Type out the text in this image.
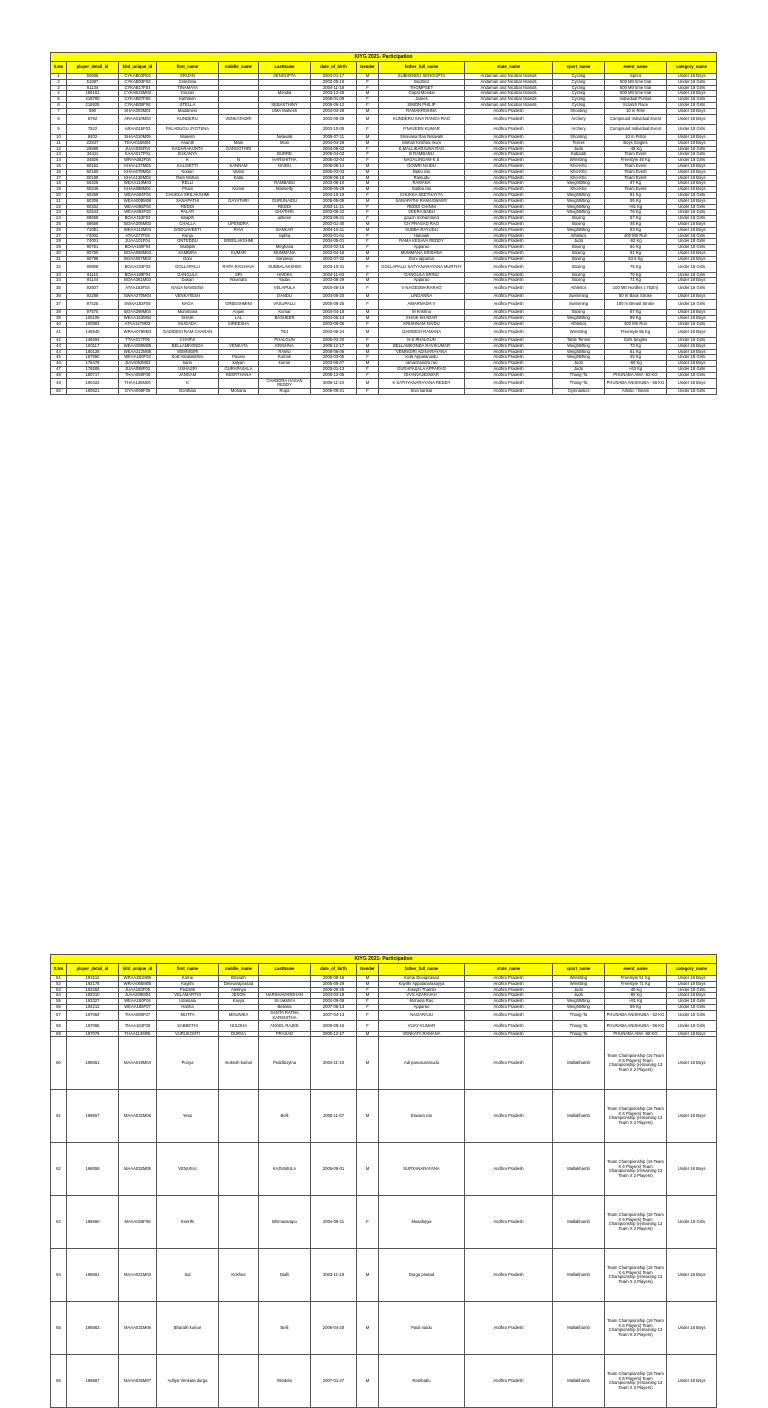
KIYG 2021- Participation												
S.No	player_detail_id	kitd_unique_id	first_name	middle_name	LastName	date_of_birth	Gender	father_full_name	state_name	sport_name	event_name	category_name
1	50685	CYKAB03R04	SRIJAN		SENGUPTA	2004-01-17	M	SUBHENDU SENGUPTA	Andaman and Nicobar Islands	Cycling	Sprint	Under 18 Boys
2	51087	CYKAB03F03	Celestina			2003-05-10	F	Bedford	Andaman and Nicobar Islands	Cycling	500 Mtr time trial	Under 18 Girls
3	51134	CYKAB17F04	TINAMAYA			2004-11-18	F	THOMPSET	Andaman and Nicobar Islands	Cycling	500 Mtr time trial	Under 18 Girls
4	186161	CYKAB15M03	Gourav		Mondal	2003-12-26	M	Gopal Mondal	Andaman and Nicobar Islands	Cycling	500 Mtr time trial	Under 18 Boys
5	218780	CYKAB07F06	Kathleen			2006-01-09	F	James	Andaman and Nicobar Islands	Cycling	Individual Pursuit	Under 18 Girls
6	218925	CYKAB08F06	STELLA		SEBASTHINY	2006-06-12	F	SIMON PHILIP	Andaman and Nicobar Islands	Cycling	Scratch Race	Under 18 Girls
7	590	SHAA003M01	Maddineni		UMA Mahesh	2004-04-28	M	RAMAKRISHNA	Andhra Pradesh	Shooting	10 m Rifle	Under 18 Boys
8	6792	ARAA010M03	KUNDERU	VENKATADRI		2003-09-28	M	KUNDERU SIVA RANGA RAO	Andhra Pradesh	Archery	Compound Individual Event	Under 18 Boys
9	7522	ARAA015F03	PALADUGU JYOTSNA			2003-10-05	F	P.NAVEEN KUMAR	Andhra Pradesh	Archery	Compound Individual Event	Under 18 Girls
10	8402	SHAA010M05	Mukesh		Nelavalli	2005-07-11	M	Srinivasa Rao Nelavalli	Andhra Pradesh	Shooting	10 m Pistol	Under 18 Boys
11	22637	TEAA015M04	Ananth	Mani	Muni	2004-04-28	M	Mohan Krishna muni	Andhra Pradesh	Tennis	Boys Singles	Under 18 Boys
12	26998	JUAA025F04	KADARAKUNTA	GANGOTHRI		2004-08-02	F	K.MALLIKARJUNA RAO	Andhra Pradesh	Judo	-48 Kg	Under 18 Girls
13	34411	KAAA017F01	SUKANYA		BURRE	2006-04-03	F	B RAMBABU	Andhra Pradesh	Kabaddi	Team Event	Under 18 Girls
14	34826	WRAA062F04	K	N	HARSHITHA	2006-02-04	F	NAGALINGAM K.S	Andhra Pradesh	Wrestling	Freestyle 46 Kg	Under 18 Girls
15	60162	KHAA137M03	KALISETTI	KANNAM	NAIDU	2006-06-12	M	GOWRI NAIDU	Andhra Pradesh	Kho-Kho	Team Event	Under 18 Boys
16	60180	KHAA078M04	Koduri	Vamsi		2006-03-03	M	Babu rao	Andhra Pradesh	Kho-Kho	Team Event	Under 18 Boys
17	60189	KHAA138M03	Ram Mohan	Katta		2006-06-18	M	Ramudu	Andhra Pradesh	Kho-Kho	Team Event	Under 18 Boys
18	60225	WEAA110M03	RELLI		RAMBABU	2003-06-10	M	RAMANA	Andhra Pradesh	Weightlifting	67 Kg	Under 18 Boys
19	60246	KHAA088M04	Phani	Kumar	Marisetty	2006-05-28	M	Subba rao	Andhra Pradesh	Kho-Kho	Team Event	Under 18 Boys
20	60269	WEAA064F04	CHUKKA SRILAKSHMI			2004-10-19	F	CHUKKA SEETHAYYA	Andhra Pradesh	Weightlifting	81 Kg	Under 18 Girls
21	60306	WEAA008M06	SANAPATHI	GAYATHRI	GURUNAIDU	2006-05-09	M	SANAPATHI RAMASWAMY	Andhra Pradesh	Weightlifting	55 Kg	Under 18 Boys
22	60332	WEAA085F03	REDDI		REDDI	2003-11-21	F	REDDI CHINNI	Andhra Pradesh	Weightlifting	+81 Kg	Under 18 Girls
23	62543	WEAA084F03	PALATI		DHATHRI	2003-06-22	F	VEERA BABU	Andhra Pradesh	Weightlifting	76 Kg	Under 18 Girls
24	68658	BOAA153F03	kiliapth		asheen	2003-06-21	F	gouch mohammed	Andhra Pradesh	Boxing	57 Kg	Under 18 Girls
25	68668	BOAA205M03	CHALLA	UPENDRA		2003-01-30	M	CH PRASAD RAO	Andhra Pradesh	Boxing	48 Kg	Under 18 Boys
26	71081	WEAA112M04	GODUAVEETI	RAVI	SANKAR	2004-10-11	M	SUBBA RAYUDU	Andhra Pradesh	Weightlifting	83 Kg	Under 18 Boys
27	72002	ATAA277F03	Kunja		rajitha	2003-01-01	F	Hanaiah	Andhra Pradesh	Athletics	400 Mtr Run	Under 18 Girls
28	74001	JUAA101F04	ONTEDDU	SREELAKSHMI		2004-05-01	F	RAMA KESAVA REDDY	Andhra Pradesh	Judo	-52 Kg	Under 18 Girls
29	90761	BOAA180F04	Mullipilli		Meghana	2004-02-15	F	Apparao	Andhra Pradesh	Boxing	54 Kg	Under 18 Girls
30	90780	BOAA058M03	SAMBIRA	KUMAR	MUMMANA	2003-04-18	M	MUMMANA KRISHNA	Andhra Pradesh	Boxing	51 Kg	Under 18 Boys
31	90798	BOAA057M03	Doni		Sandeep	2003-07-22	M	Doni apparao	Andhra Pradesh	Boxing	63.5 Kg	Under 18 Boys
32	90808	BOAA233F03	GOLLAPALLI	RAPA RAGHAVA	SUBBALAKSHMI	2003-10-31	F	GOLLAPALLI SATYANARAYANA MURTHY	Andhra Pradesh	Boxing	75 Kg	Under 18 Girls
33	91110	BOAA189F04	GANGULA	SRI	HARIKA	2004-11-03	F	GANGULA SRINU	Andhra Pradesh	Boxing	70 Kg	Under 18 Girls
34	91144	BOAA361M03	Dasari	Ravindra	Yadav	2003-06-29	M	Apparao	Andhra Pradesh	Boxing	71 Kg	Under 18 Boys
35	92607	ATAA163F04	NAGA NAVEENA		VELAPULA	2004-08-19	F	V NAGESWARARAO	Andhra Pradesh	Athletics	100 Mtr Hurdles (.762m)	Under 18 Girls
36	92289	SWAA270M04	VENKATESH		DANDU	2004-06-20	M	LINGANNA	Andhra Pradesh	Swimming	50 m Back Stroke	Under 18 Boys
37	97425	SWAA183F05	NAGA	GREESHMINI	VASUPALLI	2005-06-25	F	AMARNADH V	Andhra Pradesh	Swimming	100 m Breast Stroke	Under 18 Girls
38	97570	BOAA298M04	Mummana	Anjani	Kumar	2004-04-18	M	M Krishna	Andhra Pradesh	Boxing	67 Kg	Under 18 Boys
39	100105	WEAA163M04	SHAIK	LAL	BASHEER	2004-05-13	M	SHAIK KHADAR	Andhra Pradesh	Weightlifting	89 Kg	Under 18 Boys
40	100883	ATAA147M03	MUGADA	SIREESHA		2003-06-05	F	KRISHNAM NAIDU	Andhra Pradesh	Athletics	400 Mtr Run	Under 18 Girls
41	145540	WRAA078M03	GADIDESI RAM CHARAN		TEJ	2003-08-24	M	GADIDESI RAMANA	Andhra Pradesh	Wrestling	Freestyle 65 Kg	Under 18 Boys
42	149294	TTAA017F06	CHARVI		PHALGUN	2006-03-20	F	N S PHALGUN	Andhra Pradesh	Table Tennis	Girls Singles	Under 18 Girls
43	160117	WEAA099M06	BELLAMKONDA	VENKATA	KRISHNA	2006-12-17	M	BELLAMKONDA RAVIKUMAR	Andhra Pradesh	Weightlifting	73 Kg	Under 18 Boys
44	160128	WEAA212M06	VEMNIGIRI		RAMU	2006-06-06	M	VEMNGIRI ADINARAYANA	Andhra Pradesh	Weightlifting	61 Kg	Under 18 Boys
45	167990	WEAA160F03	Kolli Varalakshmi	Pavani	Kumari	2003-03-05	F	Kolli Appalanaidu	Andhra Pradesh	Weightlifting	45 Kg	Under 18 Girls
46	176478	JUAA052M03	kami	kalyan	kumar	2003-05-07	M	ramachandra rao	Andhra Pradesh	Judo	-60 Kg	Under 18 Boys
47	176506	JUAA098F03	USHASRI	GURAPASALA		2003-01-13	F	GURAPASALA APPARAO	Andhra Pradesh	Judo	+63 Kg	Under 18 Girls
48	180717	THAA058F06	JANGAM	KEERTHANA		2006-12-05	F	DHANVAJESWAR	Andhra Pradesh	Thang-Ta	PHUNABA AMA -52 KG	Under 18 Girls
49	190422	THAA125M06	K		CHANDRA HASAN REDDY	2006-11-10	M	K SATHYANARAYANA REDDY	Andhra Pradesh	Thang-Ta	PHUNABA ANISHUBA - 56 KG	Under 18 Boys
50	190621	GYAA098F05	Donthala	Mohana	Rupa	2005-09-21	F	Siva sankar	Andhra Pradesh	Gymnastics	Artistic - Beam	Under 18 Girls
KIYG 2021- Participation												
S.No	player_detail_id	kitd_unique_id	first_name	middle_name	LastName	date_of_birth	Gender	father_full_name	state_name	sport_name	event_name	category_name
51	191512	WRAA281M06	Korrai	Bharath		2006-08-16	M	Korrai Devaprasad	Andhra Pradesh	Wrestling	Freestyle 51 Kg	Under 18 Boys
52	192178	WRAA065M05	Kayithi	Devivaraprasad		2005-08-29	M	Kayithi Appalanarasayya	Andhra Pradesh	Wrestling	Freestyle 71 Kg	Under 18 Boys
53	193262	JUAA183F05	Peddinti	Alekhya		2005-08-26	F	Joseph Thambi	Andhra Pradesh	Judo	-40 Kg	Under 18 Girls
54	193310	JUAA209M04	VELAMARTHI	JESON	HARSHAVARDHAN	2004-03-18	M	VVS AZARAIAH	Andhra Pradesh	Judo	-90 Kg	Under 18 Boys
55	193327	WEAA160F04	Udamala	Kavya	Sri lakshmi	2004-09-09	F	Mohana Rao	Andhra Pradesh	Weightlifting	+81 Kg	Under 18 Girls
56	194212	WEAA185F07	Hariha		Bellana	2007-06-13	F	Apparao	Andhra Pradesh	Weightlifting	59 Kg	Under 18 Girls
57	197064	THAA088F07	MUTTA	MOUNIKA	SANTA RATNA KARSHITHA	2007-04-13	F	NAGARAJU	Andhra Pradesh	Thang-Ta	PHUNABA ANISHUBA - 52 KG	Under 18 Girls
58	197068	THAA104F06	SABBETHI	HULDHA	ANGEL RAJEE	2006-08-15	F	VIJAY KUMAR	Andhra Pradesh	Thang-Ta	PHUNABA ANISHUBA - 56 KG	Under 18 Girls
59	197076	THAA113M05	VURUKOOTI	DURGA	PRASAD	2005-12-17	M	VENKATA RAMANA	Andhra Pradesh	Thang-Ta	PHUNABA AMA -68 KG	Under 18 Boys
60	198651	MAAA019M04	Punya	mukesh kumar	Peddiboyina	2004-11-10	M	Adi panusuramudu	Andhra Pradesh	Mallakhamb	Team Championship (16 Team X 6 Players) Team Championship (remaining 13 Team X 2 Players)	Under 18 Boys
61	198657	MAAA032M05	Yesu		Belli	2005-11-07	M	Eswara rao	Andhra Pradesh	Mallakhamb	Team Championship (16 Team X 6 Players) Team Championship (remaining 13 Team X 2 Players)	Under 18 Boys
62	198659	MAAA032M05	VENUSAI		KADUMULA	2005-08-01	M	SURYANARAYANA	Andhra Pradesh	Mallakhamb	Team Championship (16 Team X 6 Players) Team Championship (remaining 13 Team X 2 Players)	Under 18 Boys
63	198660	MAAA025F08	Keerthi		Bhimavarapu	2004-08-11	F	Musalayya	Andhra Pradesh	Mallakhamb	Team Championship (16 Team X 6 Players) Team Championship (remaining 13 Team X 2 Players)	Under 18 Girls
64	198661	MAAA021M03	Sai	Krishna	Dialli	2003-11-19	M	Durga prasad	Andhra Pradesh	Mallakhamb	Team Championship (16 Team X 6 Players) Team Championship (remaining 13 Team X 2 Players)	Under 18 Boys
65	198663	MAAA031M06	Bharath kumar		Belli	2006-04-20	M	Paidi naidu	Andhra Pradesh	Mallakhamb	Team Championship (16 Team X 6 Players) Team Championship (remaining 13 Team X 2 Players)	Under 18 Boys
66	198667	MAAA026M07	Aditya Venkata durga		Mindela	2007-01-27	M	Rambabu	Andhra Pradesh	Mallakhamb	Team Championship (16 Team X 6 Players) Team Championship (remaining 13 Team X 2 Players)	Under 18 Boys
